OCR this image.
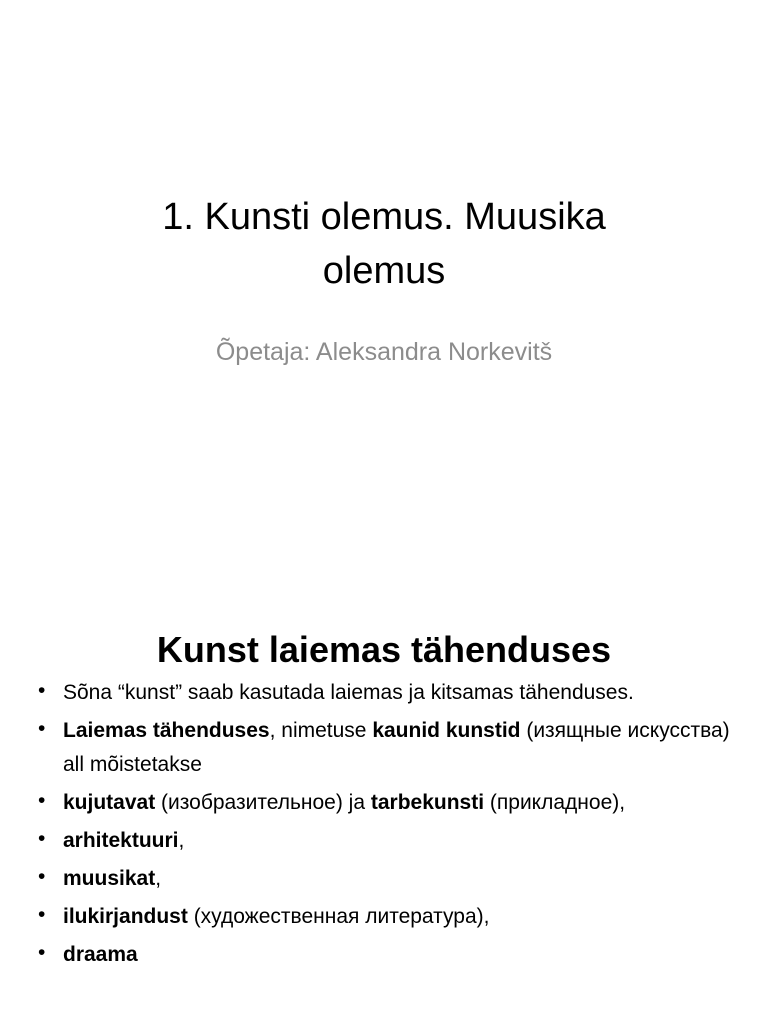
1. Kunsti olemus. Muusika
olemus
Õpetaja: Aleksandra Norkevitš
Kunst laiemas tähenduses
• Sõna “kunst” saab kasutada laiemas ja kitsamas tähenduses.
• Laiemas tähenduses, nimetuse kaunid kunstid (изящные искусства) all mõistetakse
• kujutavat (изобразительное) ja tarbekunsti (прикладное),
• arhitektuuri,
• muusikat,
• ilukirjandust (художественная литература),
• draama
